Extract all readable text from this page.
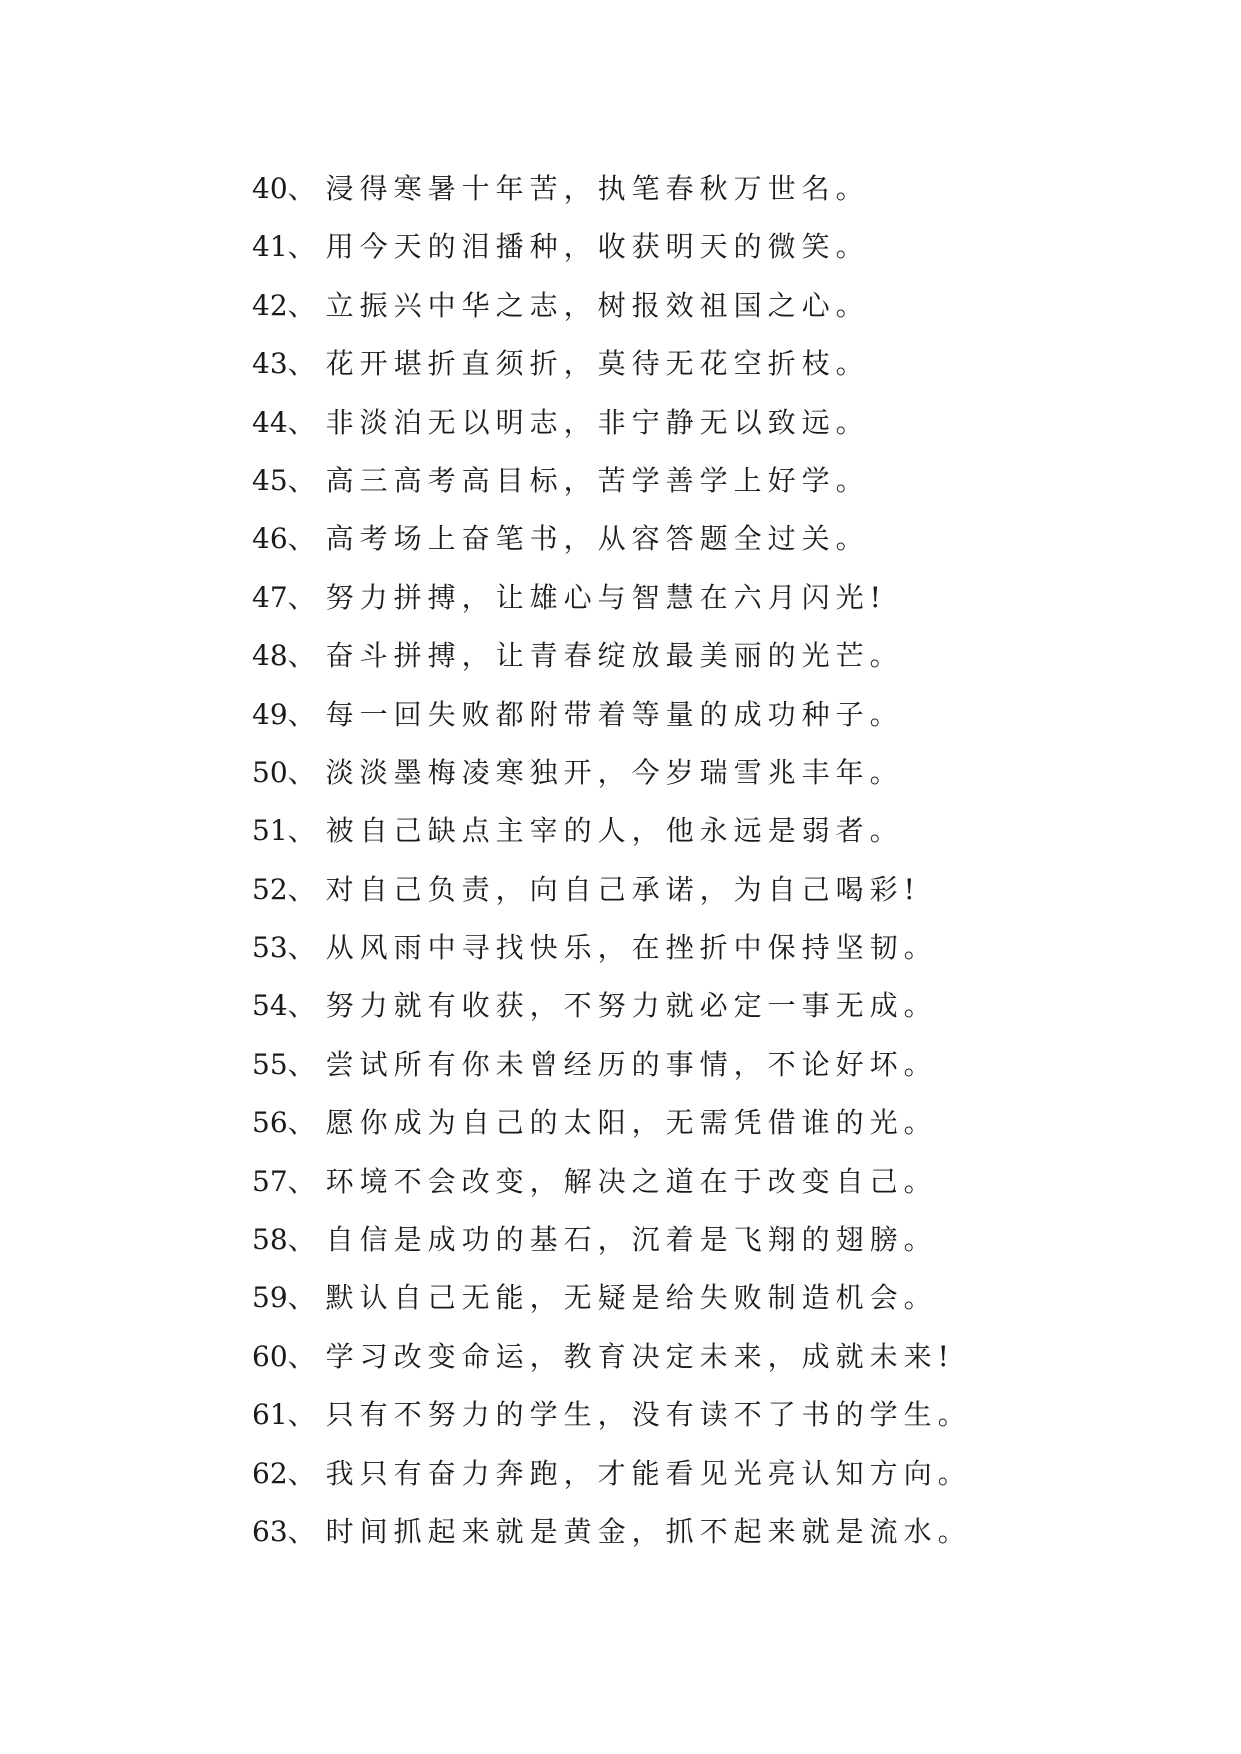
40、 浸得寒暑十年苦，执笔春秋万世名。
41、 用今天的泪播种，收获明天的微笑。
42、 立振兴中华之志，树报效祖国之心。
43、 花开堪折直须折，莫待无花空折枝。
44、 非淡泊无以明志，非宁静无以致远。
45、 高三高考高目标，苦学善学上好学。
46、 高考场上奋笔书，从容答题全过关。
47、 努力拼搏，让雄心与智慧在六月闪光!
48、 奋斗拼搏，让青春绽放最美丽的光芒。
49、 每一回失败都附带着等量的成功种子。
50、 淡淡墨梅凌寒独开，今岁瑞雪兆丰年。
51、 被自己缺点主宰的人，他永远是弱者。
52、 对自己负责，向自己承诺，为自己喝彩!
53、 从风雨中寻找快乐，在挫折中保持坚韧。
54、 努力就有收获，不努力就必定一事无成。
55、 尝试所有你未曾经历的事情，不论好坏。
56、 愿你成为自己的太阳，无需凭借谁的光。
57、 环境不会改变，解决之道在于改变自己。
58、 自信是成功的基石，沉着是飞翔的翅膀。
59、 默认自己无能，无疑是给失败制造机会。
60、 学习改变命运，教育决定未来，成就未来!
61、 只有不努力的学生，没有读不了书的学生。
62、 我只有奋力奔跑，才能看见光亮认知方向。
63、 时间抓起来就是黄金，抓不起来就是流水。
